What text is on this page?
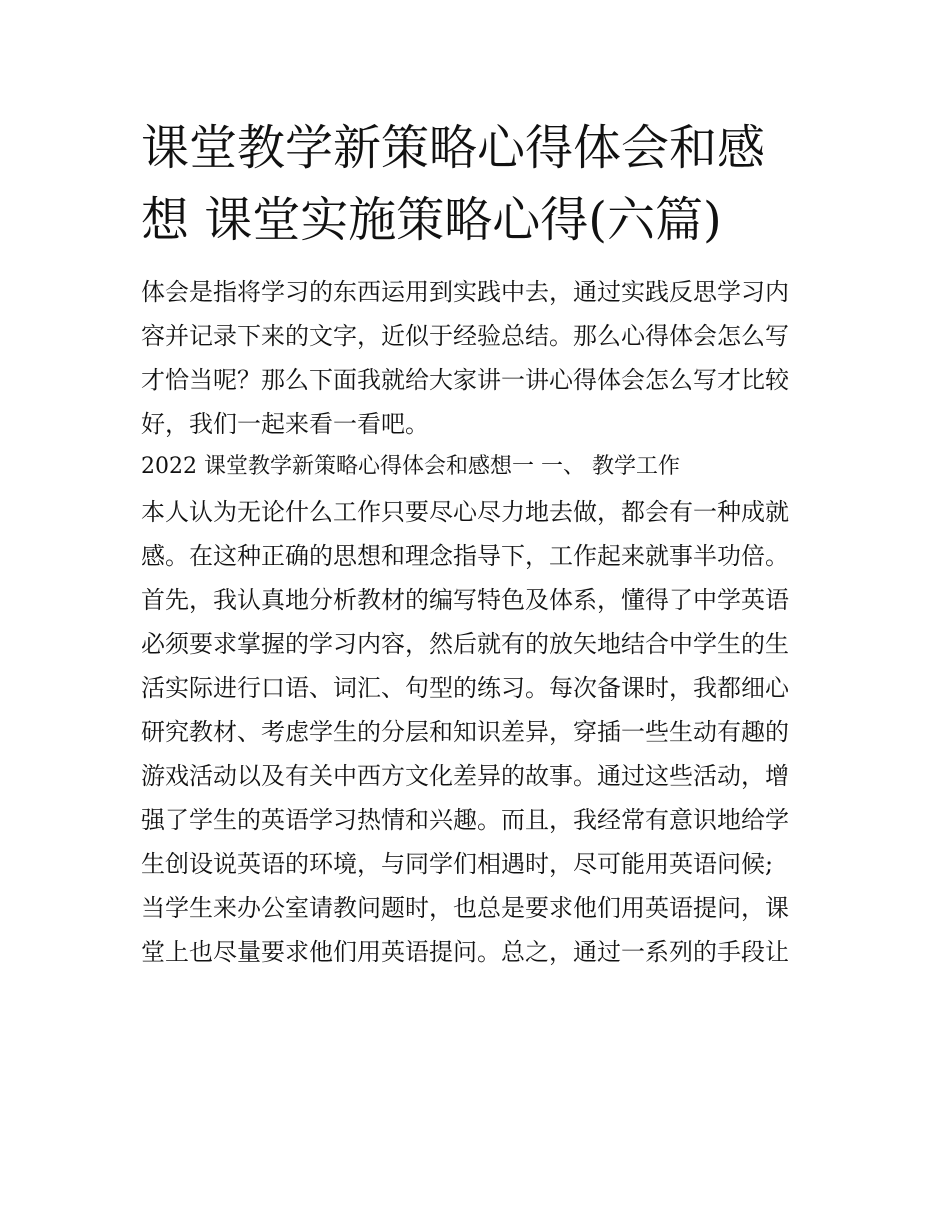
课堂教学新策略心得体会和感
想 课堂实施策略心得(六篇)

体会是指将学习的东西运用到实践中去，通过实践反思学习内
容并记录下来的文字，近似于经验总结。那么心得体会怎么写
才恰当呢？那么下面我就给大家讲一讲心得体会怎么写才比较
好，我们一起来看一看吧。

2022 课堂教学新策略心得体会和感想一 一、 教学工作

本人认为无论什么工作只要尽心尽力地去做，都会有一种成就
感。在这种正确的思想和理念指导下，工作起来就事半功倍。
首先，我认真地分析教材的编写特色及体系，懂得了中学英语
必须要求掌握的学习内容，然后就有的放矢地结合中学生的生
活实际进行口语、词汇、句型的练习。每次备课时，我都细心
研究教材、考虑学生的分层和知识差异，穿插一些生动有趣的
游戏活动以及有关中西方文化差异的故事。通过这些活动，增
强了学生的英语学习热情和兴趣。而且，我经常有意识地给学
生创设说英语的环境，与同学们相遇时，尽可能用英语问候;
当学生来办公室请教问题时，也总是要求他们用英语提问，课
堂上也尽量要求他们用英语提问。总之，通过一系列的手段让
